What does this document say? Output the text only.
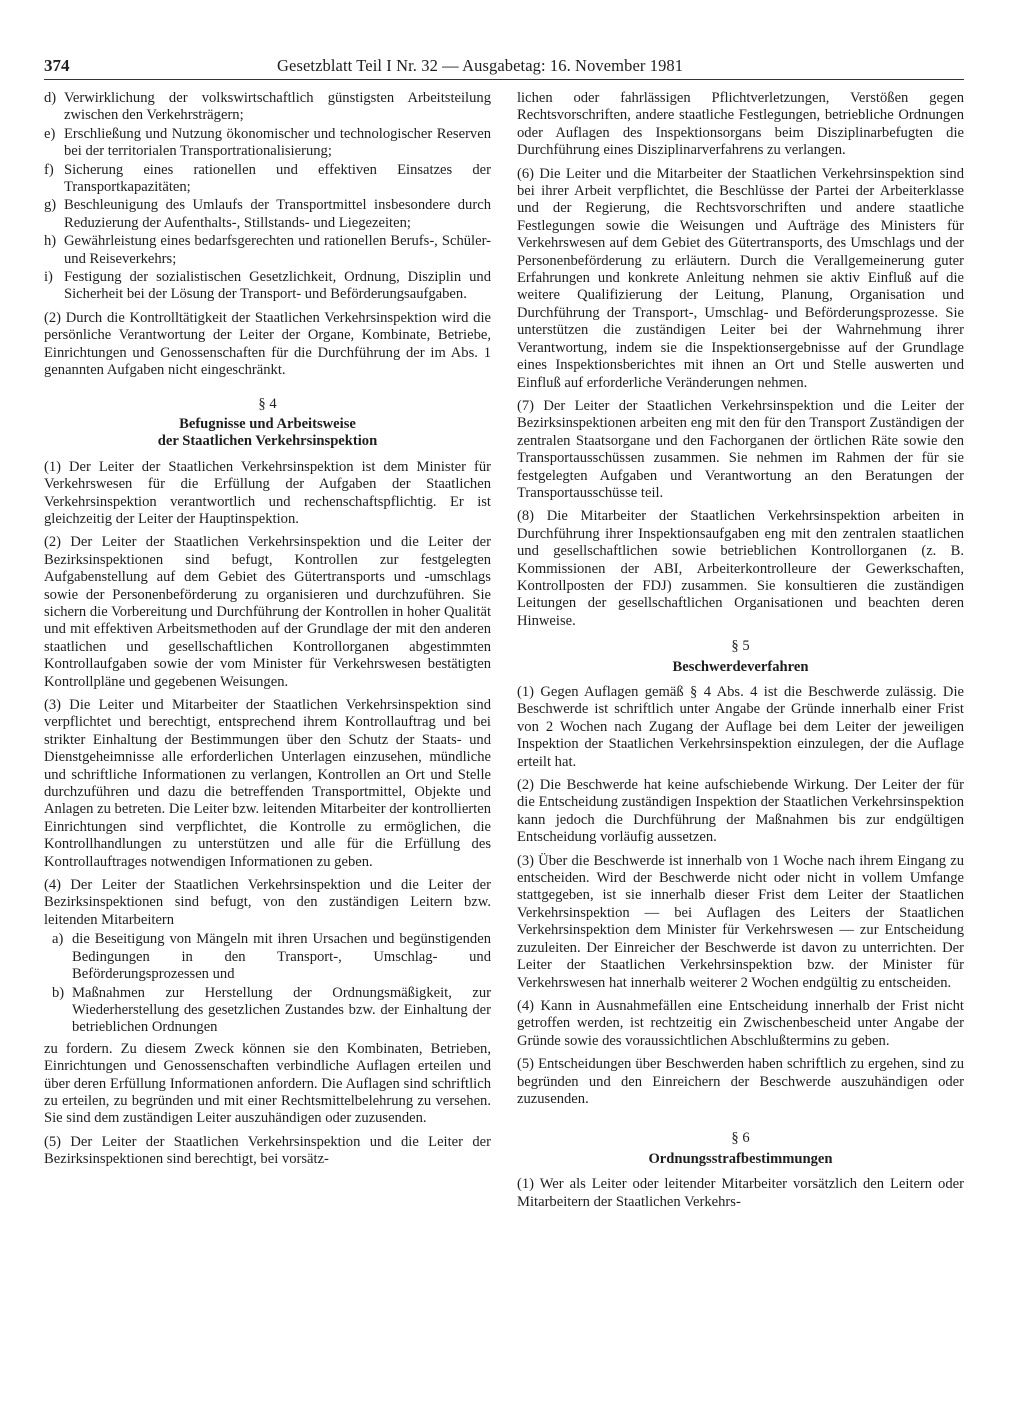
374	Gesetzblatt Teil I Nr. 32 — Ausgabetag: 16. November 1981
d) Verwirklichung der volkswirtschaftlich günstigsten Arbeitsteilung zwischen den Verkehrsträgern;
e) Erschließung und Nutzung ökonomischer und technologischer Reserven bei der territorialen Transportrationalisierung;
f) Sicherung eines rationellen und effektiven Einsatzes der Transportkapazitäten;
g) Beschleunigung des Umlaufs der Transportmittel insbesondere durch Reduzierung der Aufenthalts-, Stillstands- und Liegezeiten;
h) Gewährleistung eines bedarfsgerechten und rationellen Berufs-, Schüler- und Reiseverkehrs;
i) Festigung der sozialistischen Gesetzlichkeit, Ordnung, Disziplin und Sicherheit bei der Lösung der Transport- und Beförderungsaufgaben.

(2) Durch die Kontrolltätigkeit der Staatlichen Verkehrsinspektion wird die persönliche Verantwortung der Leiter der Organe, Kombinate, Betriebe, Einrichtungen und Genossenschaften für die Durchführung der im Abs. 1 genannten Aufgaben nicht eingeschränkt.

§ 4
Befugnisse und Arbeitsweise
der Staatlichen Verkehrsinspektion

(1) Der Leiter der Staatlichen Verkehrsinspektion ist dem Minister für Verkehrswesen für die Erfüllung der Aufgaben der Staatlichen Verkehrsinspektion verantwortlich und rechenschaftspflichtig. Er ist gleichzeitig der Leiter der Hauptinspektion.

(2) Der Leiter der Staatlichen Verkehrsinspektion und die Leiter der Bezirksinspektionen sind befugt, Kontrollen zur festgelegten Aufgabenstellung auf dem Gebiet des Gütertransports und -umschlags sowie der Personenbeförderung zu organisieren und durchzuführen. Sie sichern die Vorbereitung und Durchführung der Kontrollen in hoher Qualität und mit effektiven Arbeitsmethoden auf der Grundlage der mit den anderen staatlichen und gesellschaftlichen Kontrollorganen abgestimmten Kontrollaufgaben sowie der vom Minister für Verkehrswesen bestätigten Kontrollpläne und gegebenen Weisungen.

(3) Die Leiter und Mitarbeiter der Staatlichen Verkehrsinspektion sind verpflichtet und berechtigt, entsprechend ihrem Kontrollauftrag und bei strikter Einhaltung der Bestimmungen über den Schutz der Staats- und Dienstgeheimnisse alle erforderlichen Unterlagen einzusehen, mündliche und schriftliche Informationen zu verlangen, Kontrollen an Ort und Stelle durchzuführen und dazu die betreffenden Transportmittel, Objekte und Anlagen zu betreten. Die Leiter bzw. leitenden Mitarbeiter der kontrollierten Einrichtungen sind verpflichtet, die Kontrolle zu ermöglichen, die Kontrollhandlungen zu unterstützen und alle für die Erfüllung des Kontrollauftrages notwendigen Informationen zu geben.

(4) Der Leiter der Staatlichen Verkehrsinspektion und die Leiter der Bezirksinspektionen sind befugt, von den zuständigen Leitern bzw. leitenden Mitarbeitern

a) die Beseitigung von Mängeln mit ihren Ursachen und begünstigenden Bedingungen in den Transport-, Umschlag- und Beförderungsprozessen und
b) Maßnahmen zur Herstellung der Ordnungsmäßigkeit, zur Wiederherstellung des gesetzlichen Zustandes bzw. der Einhaltung der betrieblichen Ordnungen

zu fordern. Zu diesem Zweck können sie den Kombinaten, Betrieben, Einrichtungen und Genossenschaften verbindliche Auflagen erteilen und über deren Erfüllung Informationen anfordern. Die Auflagen sind schriftlich zu erteilen, zu begründen und mit einer Rechtsmittelbelehrung zu versehen. Sie sind dem zuständigen Leiter auszuhändigen oder zuzusenden.

(5) Der Leiter der Staatlichen Verkehrsinspektion und die Leiter der Bezirksinspektionen sind berechtigt, bei vorsätz-

lichen oder fahrlässigen Pflichtverletzungen, Verstößen gegen Rechtsvorschriften, andere staatliche Festlegungen, betriebliche Ordnungen oder Auflagen des Inspektionsorgans beim Disziplinarbefugten die Durchführung eines Disziplinarverfahrens zu verlangen.

(6) Die Leiter und die Mitarbeiter der Staatlichen Verkehrsinspektion sind bei ihrer Arbeit verpflichtet, die Beschlüsse der Partei der Arbeiterklasse und der Regierung, die Rechtsvorschriften und andere staatliche Festlegungen sowie die Weisungen und Aufträge des Ministers für Verkehrswesen auf dem Gebiet des Gütertransports, des Umschlags und der Personenbeförderung zu erläutern. Durch die Verallgemeinerung guter Erfahrungen und konkrete Anleitung nehmen sie aktiv Einfluß auf die weitere Qualifizierung der Leitung, Planung, Organisation und Durchführung der Transport-, Umschlag- und Beförderungsprozesse. Sie unterstützen die zuständigen Leiter bei der Wahrnehmung ihrer Verantwortung, indem sie die Inspektionsergebnisse auf der Grundlage eines Inspektionsberichtes mit ihnen an Ort und Stelle auswerten und Einfluß auf erforderliche Veränderungen nehmen.

(7) Der Leiter der Staatlichen Verkehrsinspektion und die Leiter der Bezirksinspektionen arbeiten eng mit den für den Transport Zuständigen der zentralen Staatsorgane und den Fachorganen der örtlichen Räte sowie den Transportausschüssen zusammen. Sie nehmen im Rahmen der für sie festgelegten Aufgaben und Verantwortung an den Beratungen der Transportausschüsse teil.

(8) Die Mitarbeiter der Staatlichen Verkehrsinspektion arbeiten in Durchführung ihrer Inspektionsaufgaben eng mit den zentralen staatlichen und gesellschaftlichen sowie betrieblichen Kontrollorganen (z. B. Kommissionen der ABI, Arbeiterkontrolleure der Gewerkschaften, Kontrollposten der FDJ) zusammen. Sie konsultieren die zuständigen Leitungen der gesellschaftlichen Organisationen und beachten deren Hinweise.

§ 5
Beschwerdeverfahren

(1) Gegen Auflagen gemäß § 4 Abs. 4 ist die Beschwerde zulässig. Die Beschwerde ist schriftlich unter Angabe der Gründe innerhalb einer Frist von 2 Wochen nach Zugang der Auflage bei dem Leiter der jeweiligen Inspektion der Staatlichen Verkehrsinspektion einzulegen, der die Auflage erteilt hat.

(2) Die Beschwerde hat keine aufschiebende Wirkung. Der Leiter der für die Entscheidung zuständigen Inspektion der Staatlichen Verkehrsinspektion kann jedoch die Durchführung der Maßnahmen bis zur endgültigen Entscheidung vorläufig aussetzen.

(3) Über die Beschwerde ist innerhalb von 1 Woche nach ihrem Eingang zu entscheiden. Wird der Beschwerde nicht oder nicht in vollem Umfange stattgegeben, ist sie innerhalb dieser Frist dem Leiter der Staatlichen Verkehrsinspektion — bei Auflagen des Leiters der Staatlichen Verkehrsinspektion dem Minister für Verkehrswesen — zur Entscheidung zuzuleiten. Der Einreicher der Beschwerde ist davon zu unterrichten. Der Leiter der Staatlichen Verkehrsinspektion bzw. der Minister für Verkehrswesen hat innerhalb weiterer 2 Wochen endgültig zu entscheiden.

(4) Kann in Ausnahmefällen eine Entscheidung innerhalb der Frist nicht getroffen werden, ist rechtzeitig ein Zwischenbescheid unter Angabe der Gründe sowie des voraussichtlichen Abschlußtermins zu geben.

(5) Entscheidungen über Beschwerden haben schriftlich zu ergehen, sind zu begründen und den Einreichern der Beschwerde auszuhändigen oder zuzusenden.

§ 6
Ordnungsstrafbestimmungen

(1) Wer als Leiter oder leitender Mitarbeiter vorsätzlich den Leitern oder Mitarbeitern der Staatlichen Verkehrs-
